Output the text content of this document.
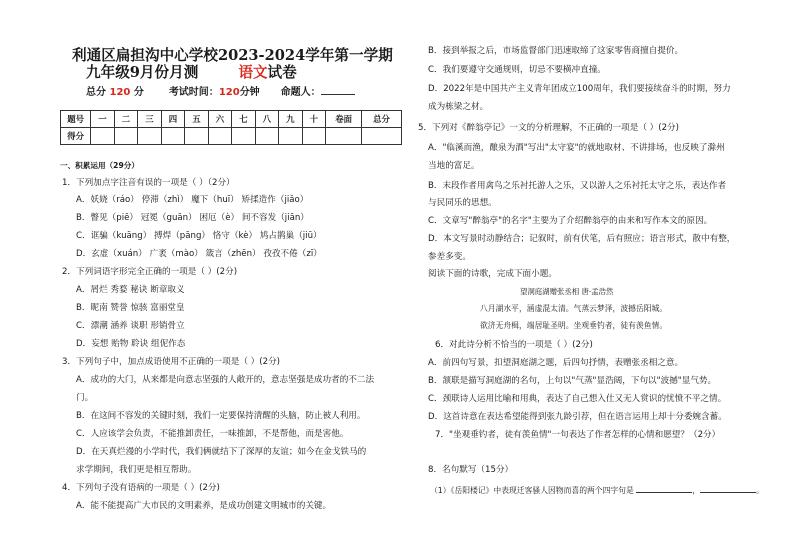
利通区扁担沟中心学校2023-2024学年第一学期
九年级9月份月测	语文试卷
总分 120 分 考试时间：120分钟 命题人：
题号	一	二	三	四	五	六	七	八	九	十	卷面	总分
得分												
一、积累运用（29分）
1．下列加点字注音有误的一项是（ ）（2分）
A．妖娆（ráo） 停滞（zhì） 魔下（huī） 矫揉造作（jiǎo）
B．瞥见（piē） 冠冕（guān） 困厄（è） 间不容发（jiān）
C．诓骗（kuāng） 搏焊（pāng） 恪守（kè） 鸠占鹊巢（jiū）
D．玄虚（xuán） 广袤（mào） 箴言（zhēn） 孜孜不倦（zī）
2．下列词语字形完全正确的一项是（ ）(2分)
A．屑烂 秀婺 秘诀 断章取义
B．昵南 赞誉 惊骇 富丽堂皇
C．漂潮 涵养 谈职 形销骨立
D．妄想 贻物 聆诀 组伲作态
3．下列句子中，加点成语使用不正确的一项是（ ）(2分)
A．成功的大门，从来都是向意志坚强的人敞开的，意志坚强是成功者的不二法
门。
B．在这间不容发的关键时刻，我们一定要保持清醒的头脑，防止被人利用。
C．人应该学会负责，不能推卸责任，一味推卸，不是帮他，而是害他。
D．在天真烂漫的小学时代，我们俩就结下了深厚的友谊；如今在金戈铁马的
求学期间，我们更是相互帮助。
4．下列句子没有语病的一项是（ ）(2分)
A．能不能提高广大市民的文明素养，是成功创建文明城市的关键。
B．接到举报之后，市场监督部门迅速取缔了这家零售商擅自提价。
C．我们要遵守交通规则，切忌不要横冲直撞。
D．2022年是中国共产主义青年团成立100周年，我们要接续奋斗的时期，努力
成为栋梁之材。
5．下列对《醉翁亭记》一文的分析理解，不正确的一项是（ ）(2分)
A．"临溪而渔，酿泉为酒"写出"太守宴"的就地取材、不讲排场，也反映了滁州
当地的富足。
B．末段作者用禽鸟之乐衬托游人之乐，又以游人之乐衬托太守之乐，表达作者
与民同乐的思想。
C．文章写"醉翁亭"的名字"主要为了介绍醉翁亭的由来和写作本文的原因。
D．本文写景时动静结合；记叙时，前有伏笔，后有照应；语言形式，散中有整，
参差多变。
阅读下面的诗歌，完成下面小题。
望洞庭湖赠张丞相 唐·孟浩然
八月湖水平，涵虚混太清。气蒸云梦泽，波撼岳阳城。
欲济无舟楫，端居耻圣明。坐观垂钓者，徒有羡鱼情。
6．对此诗分析不恰当的一项是（ ）(2分)
A．前四句写景，扣望洞庭湖之题，后四句抒情，表赠张丞相之意。
B．颔联是描写洞庭湖的名句，上句以"气蒸"显浩阔，下句以"波撼"显气势。
C．颈联诗人运用比喻和用典，表达了自己想入仕又无人赏识的忧愤不平之情。
D．这首诗意在表达希望能得到张九龄引荐，但在语言运用上却十分委婉含蓄。
7．"坐观垂钓者，徒有羡鱼情"一句表达了作者怎样的心情和愿望？（2分）
8．名句默写（15分）
（1）《岳阳楼记》中表现迁客骚人因物而喜的两个四字句是	，	。
